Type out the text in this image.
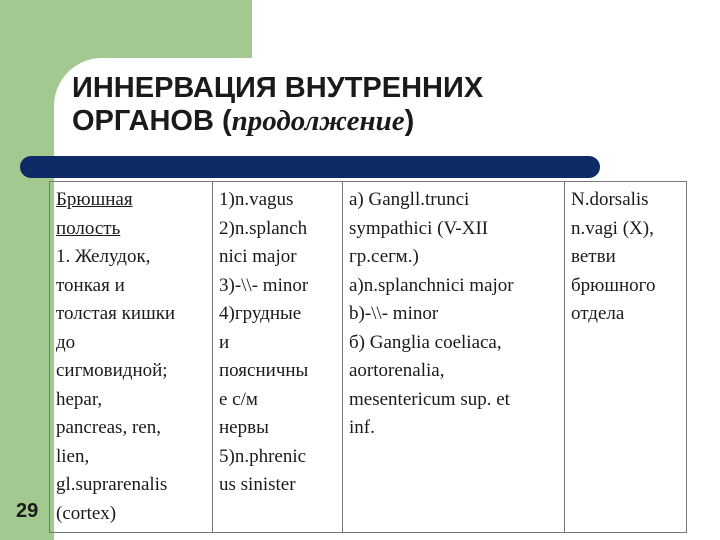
ИННЕРВАЦИЯ ВНУТРЕННИХ
ОРГАНОВ (продолжение)
Брюшная
полость
1. Желудок,
тонкая и
толстая кишки
до
сигмовидной;
hepar,
pancreas, ren,
lien,
gl.suprarenalis
(cortex)

1)n.vagus
2)n.splanch
nici major
3)-\\- minor
4)грудные
и
поясничны
е с/м
нервы
5)n.phrenic
us sinister

а) Gangll.trunci
sympathici (V-XII
гр.сегм.)
a)n.splanchnici major
b)-\\- minor
б) Ganglia coeliaca,
aortorenalia,
mesentericum sup. et
inf.

N.dorsalis
n.vagi (X),
ветви
брюшного
отдела
29
